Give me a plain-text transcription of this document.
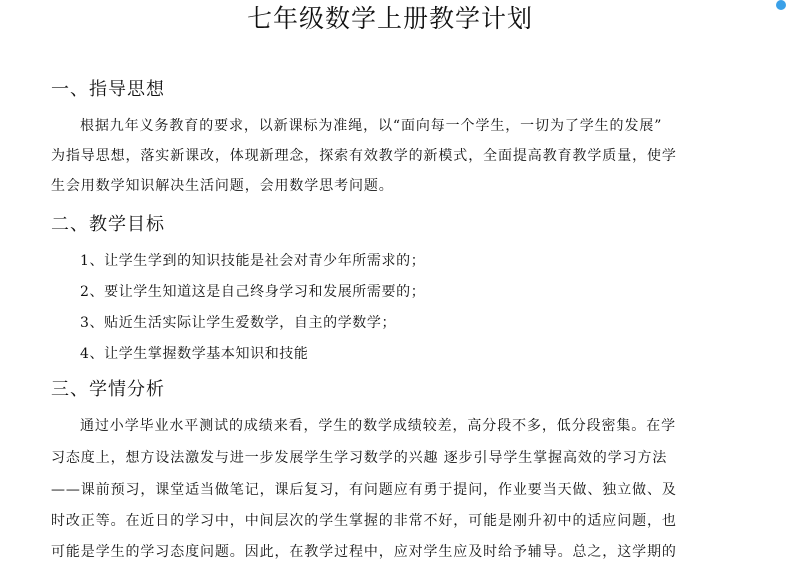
七年级数学上册教学计划
一、指导思想
根据九年义务教育的要求，以新课标为准绳，以“面向每一个学生，一切为了学生的发展”
为指导思想，落实新课改，体现新理念，探索有效教学的新模式，全面提高教育教学质量，使学
生会用数学知识解决生活问题，会用数学思考问题。
二、教学目标
1、让学生学到的知识技能是社会对青少年所需求的；
2、要让学生知道这是自己终身学习和发展所需要的；
3、贴近生活实际让学生爱数学，自主的学数学；
4、让学生掌握数学基本知识和技能
三、学情分析
通过小学毕业水平测试的成绩来看，学生的数学成绩较差，高分段不多，低分段密集。在学
习态度上，想方设法激发与进一步发展学生学习数学的兴趣 逐步引导学生掌握高效的学习方法
——课前预习，课堂适当做笔记，课后复习，有问题应有勇于提问，作业要当天做、独立做、及
时改正等。在近日的学习中，中间层次的学生掌握的非常不好，可能是刚升初中的适应问题，也
可能是学生的学习态度问题。因此，在教学过程中，应对学生应及时给予辅导。总之，这学期的
